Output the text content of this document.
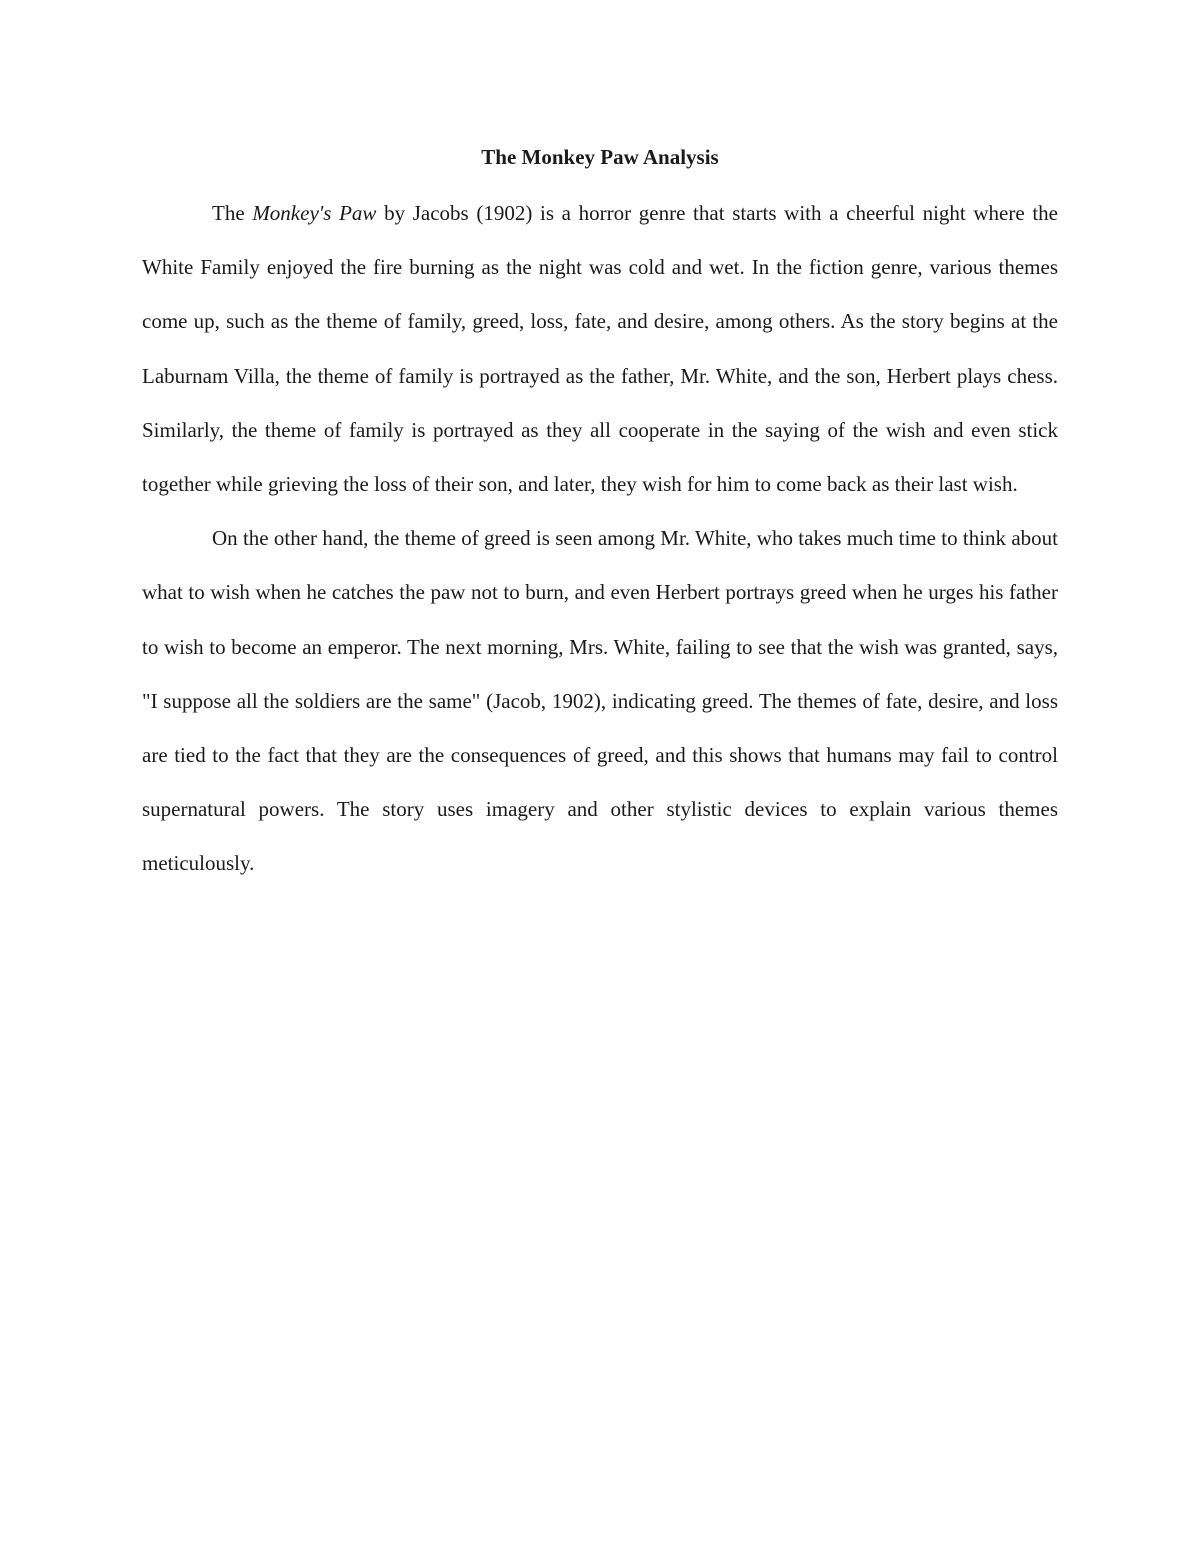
The Monkey Paw Analysis

The Monkey's Paw by Jacobs (1902) is a horror genre that starts with a cheerful night where the White Family enjoyed the fire burning as the night was cold and wet. In the fiction genre, various themes come up, such as the theme of family, greed, loss, fate, and desire, among others. As the story begins at the Laburnam Villa, the theme of family is portrayed as the father, Mr. White, and the son, Herbert plays chess. Similarly, the theme of family is portrayed as they all cooperate in the saying of the wish and even stick together while grieving the loss of their son, and later, they wish for him to come back as their last wish.

On the other hand, the theme of greed is seen among Mr. White, who takes much time to think about what to wish when he catches the paw not to burn, and even Herbert portrays greed when he urges his father to wish to become an emperor. The next morning, Mrs. White, failing to see that the wish was granted, says, "I suppose all the soldiers are the same" (Jacob, 1902), indicating greed. The themes of fate, desire, and loss are tied to the fact that they are the consequences of greed, and this shows that humans may fail to control supernatural powers. The story uses imagery and other stylistic devices to explain various themes meticulously.
